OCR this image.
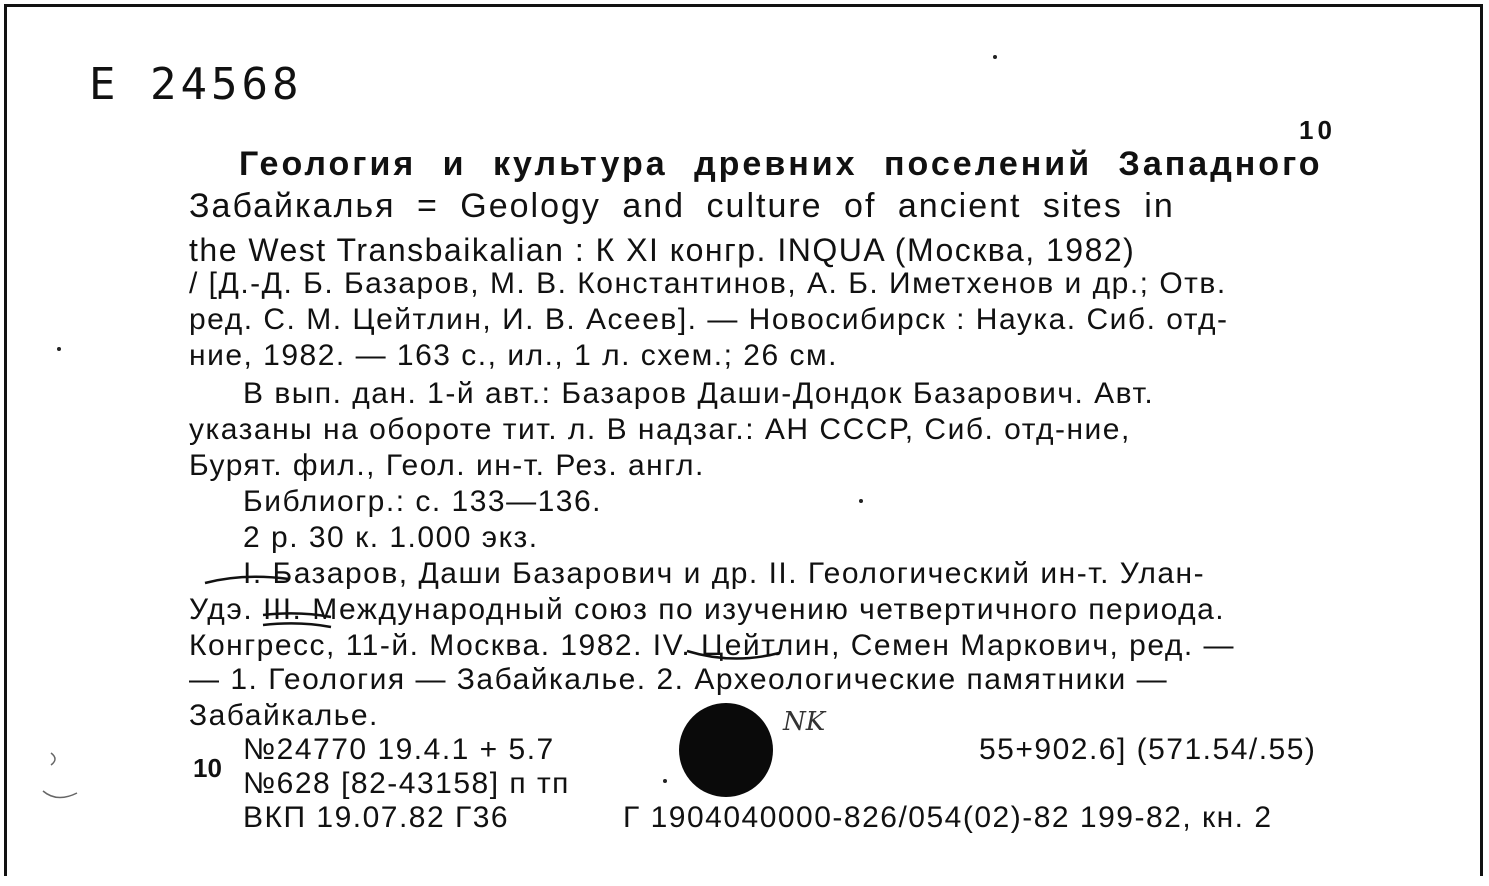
Е 24568
10
Геология и культура древних поселений Западного
Забайкалья = Geology and culture of ancient sites in
the West Transbaikalian : К XI конгр. INQUA (Москва, 1982)
/ [Д.-Д. Б. Базаров, М. В. Константинов, А. Б. Иметхенов и др.; Отв.
ред. С. М. Цейтлин, И. В. Асеев]. — Новосибирск : Наука. Сиб. отд-
ние, 1982. — 163 с., ил., 1 л. схем.; 26 см.
В вып. дан. 1-й авт.: Базаров Даши-Дондок Базарович. Авт.
указаны на обороте тит. л. В надзаг.: АН СССР, Сиб. отд-ние,
Бурят. фил., Геол. ин-т. Рез. англ.
Библиогр.: с. 133—136.
2 р. 30 к. 1.000 экз.
I. Базаров, Даши Базарович и др. II. Геологический ин-т. Улан-
Удэ. III. Международный союз по изучению четвертичного периода.
Конгресс, 11-й. Москва. 1982. IV. Цейтлин, Семен Маркович, ред. —
— 1. Геология — Забайкалье. 2. Археологические памятники —
Забайкалье.
№24770 19.4.1 + 5.7	55+902.6] (571.54/.55)
№628 [82-43158] п тп
ВКП 19.07.82 Г36	Г 1904040000-826/054(02)-82 199-82, кн. 2
10
NK
